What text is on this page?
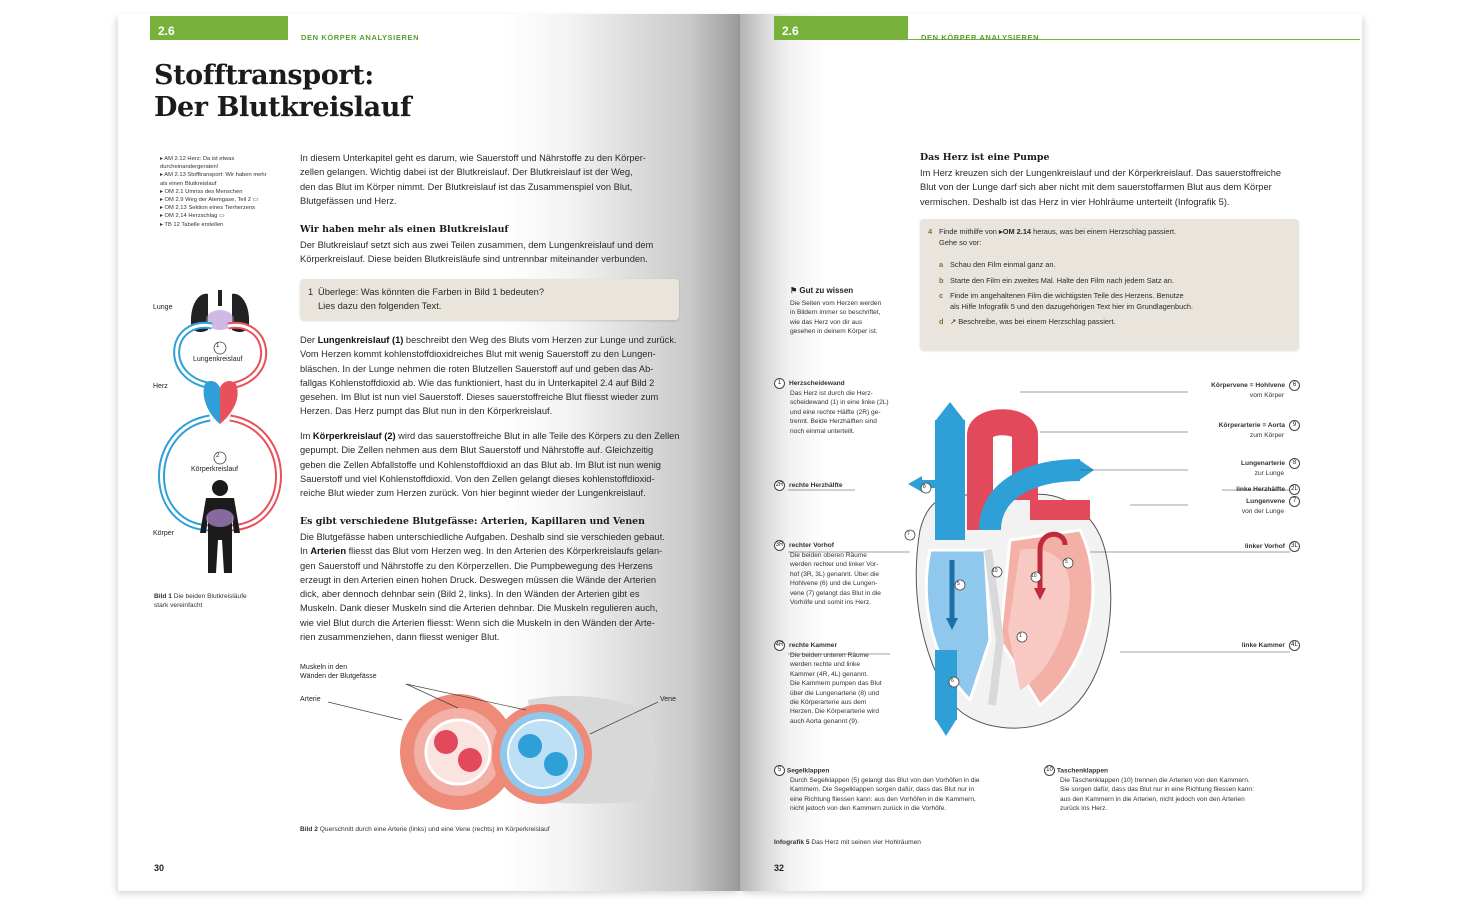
2.6	DEN KÖRPER ANALYSIEREN
Stofftransport:
Der Blutkreislauf
▸ AM 2.12 Herz: Da ist etwas
durcheinandergeraten!
▸ AM 2.13 Stofftransport: Wir haben mehr
als einen Blutkreislauf
▸ OM 2.1 Umriss des Menschen
▸ OM 2.9 Weg der Atemgase, Teil 2 ▭
▸ OM 2.13 Sektion eines Tierherzens
▸ OM 2.14 Herzschlag ▭
▸ TB 12 Tabelle erstellen
In diesem Unterkapitel geht es darum, wie Sauerstoff und Nährstoffe zu den Körper-
zellen gelangen. Wichtig dabei ist der Blutkreislauf. Der Blutkreislauf ist der Weg,
den das Blut im Körper nimmt. Der Blutkreislauf ist das Zusammenspiel von Blut,
Blutgefässen und Herz.
Wir haben mehr als einen Blutkreislauf
Der Blutkreislauf setzt sich aus zwei Teilen zusammen, dem Lungenkreislauf und dem
Körperkreislauf. Diese beiden Blutkreisläufe sind untrennbar miteinander verbunden.
1 Überlege: Was könnten die Farben in Bild 1 bedeuten?
Lies dazu den folgenden Text.
Der Lungenkreislauf (1) beschreibt den Weg des Bluts vom Herzen zur Lunge und zurück.
Vom Herzen kommt kohlenstoffdioxidreiches Blut mit wenig Sauerstoff zu den Lungen-
bläschen. In der Lunge nehmen die roten Blutzellen Sauerstoff auf und geben das Ab-
fallgas Kohlenstoffdioxid ab. Wie das funktioniert, hast du in Unterkapitel 2.4 auf Bild 2
gesehen. Im Blut ist nun viel Sauerstoff. Dieses sauerstoffreiche Blut fliesst wieder zum
Herzen. Das Herz pumpt das Blut nun in den Körperkreislauf.
Im Körperkreislauf (2) wird das sauerstoffreiche Blut in alle Teile des Körpers zu den Zellen
gepumpt. Die Zellen nehmen aus dem Blut Sauerstoff und Nährstoffe auf. Gleichzeitig
geben die Zellen Abfallstoffe und Kohlenstoffdioxid an das Blut ab. Im Blut ist nun wenig
Sauerstoff und viel Kohlenstoffdioxid. Von den Zellen gelangt dieses kohlenstoffdioxid-
reiche Blut wieder zum Herzen zurück. Von hier beginnt wieder der Lungenkreislauf.
Es gibt verschiedene Blutgefässe: Arterien, Kapillaren und Venen
Die Blutgefässe haben unterschiedliche Aufgaben. Deshalb sind sie verschieden gebaut.
In Arterien fliesst das Blut vom Herzen weg. In den Arterien des Körperkreislaufs gelan-
gen Sauerstoff und Nährstoffe zu den Körperzellen. Die Pumpbewegung des Herzens
erzeugt in den Arterien einen hohen Druck. Deswegen müssen die Wände der Arterien
dick, aber dennoch dehnbar sein (Bild 2, links). In den Wänden der Arterien gibt es
Muskeln. Dank dieser Muskeln sind die Arterien dehnbar. Die Muskeln regulieren auch,
wie viel Blut durch die Arterien fliesst: Wenn sich die Muskeln in den Wänden der Arte-
rien zusammenziehen, dann fliesst weniger Blut.
1
2
Lungenkreislauf
Körperkreislauf
Lunge
Herz
Körper
Bild 1 Die beiden Blutkreisläufe
stark vereinfacht
Muskeln in den
Wänden der Blutgefässe
Arterie	Vene
Bild 2 Querschnitt durch eine Arterie (links) und eine Vene (rechts) im Körperkreislauf
30
2.6	DEN KÖRPER ANALYSIEREN
Das Herz ist eine Pumpe
Im Herz kreuzen sich der Lungenkreislauf und der Körperkreislauf. Das sauerstoffreiche
Blut von der Lunge darf sich aber nicht mit dem sauerstoffarmen Blut aus dem Körper
vermischen. Deshalb ist das Herz in vier Hohlräume unterteilt (Infografik 5).
4 Finde mithilfe von ▸OM 2.14 heraus, was bei einem Herzschlag passiert.
Gehe so vor:
a Schau den Film einmal ganz an.
b Starte den Film ein zweites Mal. Halte den Film nach jedem Satz an.
c Finde im angehaltenen Film die wichtigsten Teile des Herzens. Benutze
als Hilfe Infografik 5 und den dazugehörigen Text hier im Grundlagenbuch.
d ↗ Beschreibe, was bei einem Herzschlag passiert.
⚑ Gut zu wissen
Die Seiten vom Herzen werden
in Bildern immer so beschriftet,
wie das Herz von dir aus
gesehen in deinem Körper ist.
8
7
5
10
6
10
5
1
1 Herzscheidewand
Das Herz ist durch die Herz-
scheidewand (1) in eine linke (2L)
und eine rechte Hälfte (2R) ge-
trennt. Beide Herzhälften sind
noch einmal unterteilt.
2R rechte Herzhälfte
3R rechter Vorhof
Die beiden oberen Räume
werden rechter und linker Vor-
hof (3R, 3L) genannt. Über die
Hohlvene (6) und die Lungen-
vene (7) gelangt das Blut in die
Vorhöfe und somit ins Herz.
4R rechte Kammer
Die beiden unteren Räume
werden rechte und linke
Kammer (4R, 4L) genannt.
Die Kammern pumpen das Blut
über die Lungenarterie (8) und
die Körperarterie aus dem
Herzen. Die Körperarterie wird
auch Aorta genannt (9).
Körpervene = Hohlvene 6
vom Körper
Körperarterie = Aorta 9
zum Körper
Lungenarterie 8
zur Lunge
Lungenvene 7
von der Lunge
linke Herzhälfte 2L
linker Vorhof 3L
linke Kammer 4L
5 Segelklappen
Durch Segelklappen (5) gelangt das Blut von den Vorhöfen in die
Kammern. Die Segelklappen sorgen dafür, dass das Blut nur in
eine Richtung fliessen kann: aus den Vorhöfen in die Kammern,
nicht jedoch von den Kammern zurück in die Vorhöfe.
10 Taschenklappen
Die Taschenklappen (10) trennen die Arterien von den Kammern.
Sie sorgen dafür, dass das Blut nur in eine Richtung fliessen kann:
aus den Kammern in die Arterien, nicht jedoch von den Arterien
zurück ins Herz.
Infografik 5 Das Herz mit seinen vier Hohlräumen
32
